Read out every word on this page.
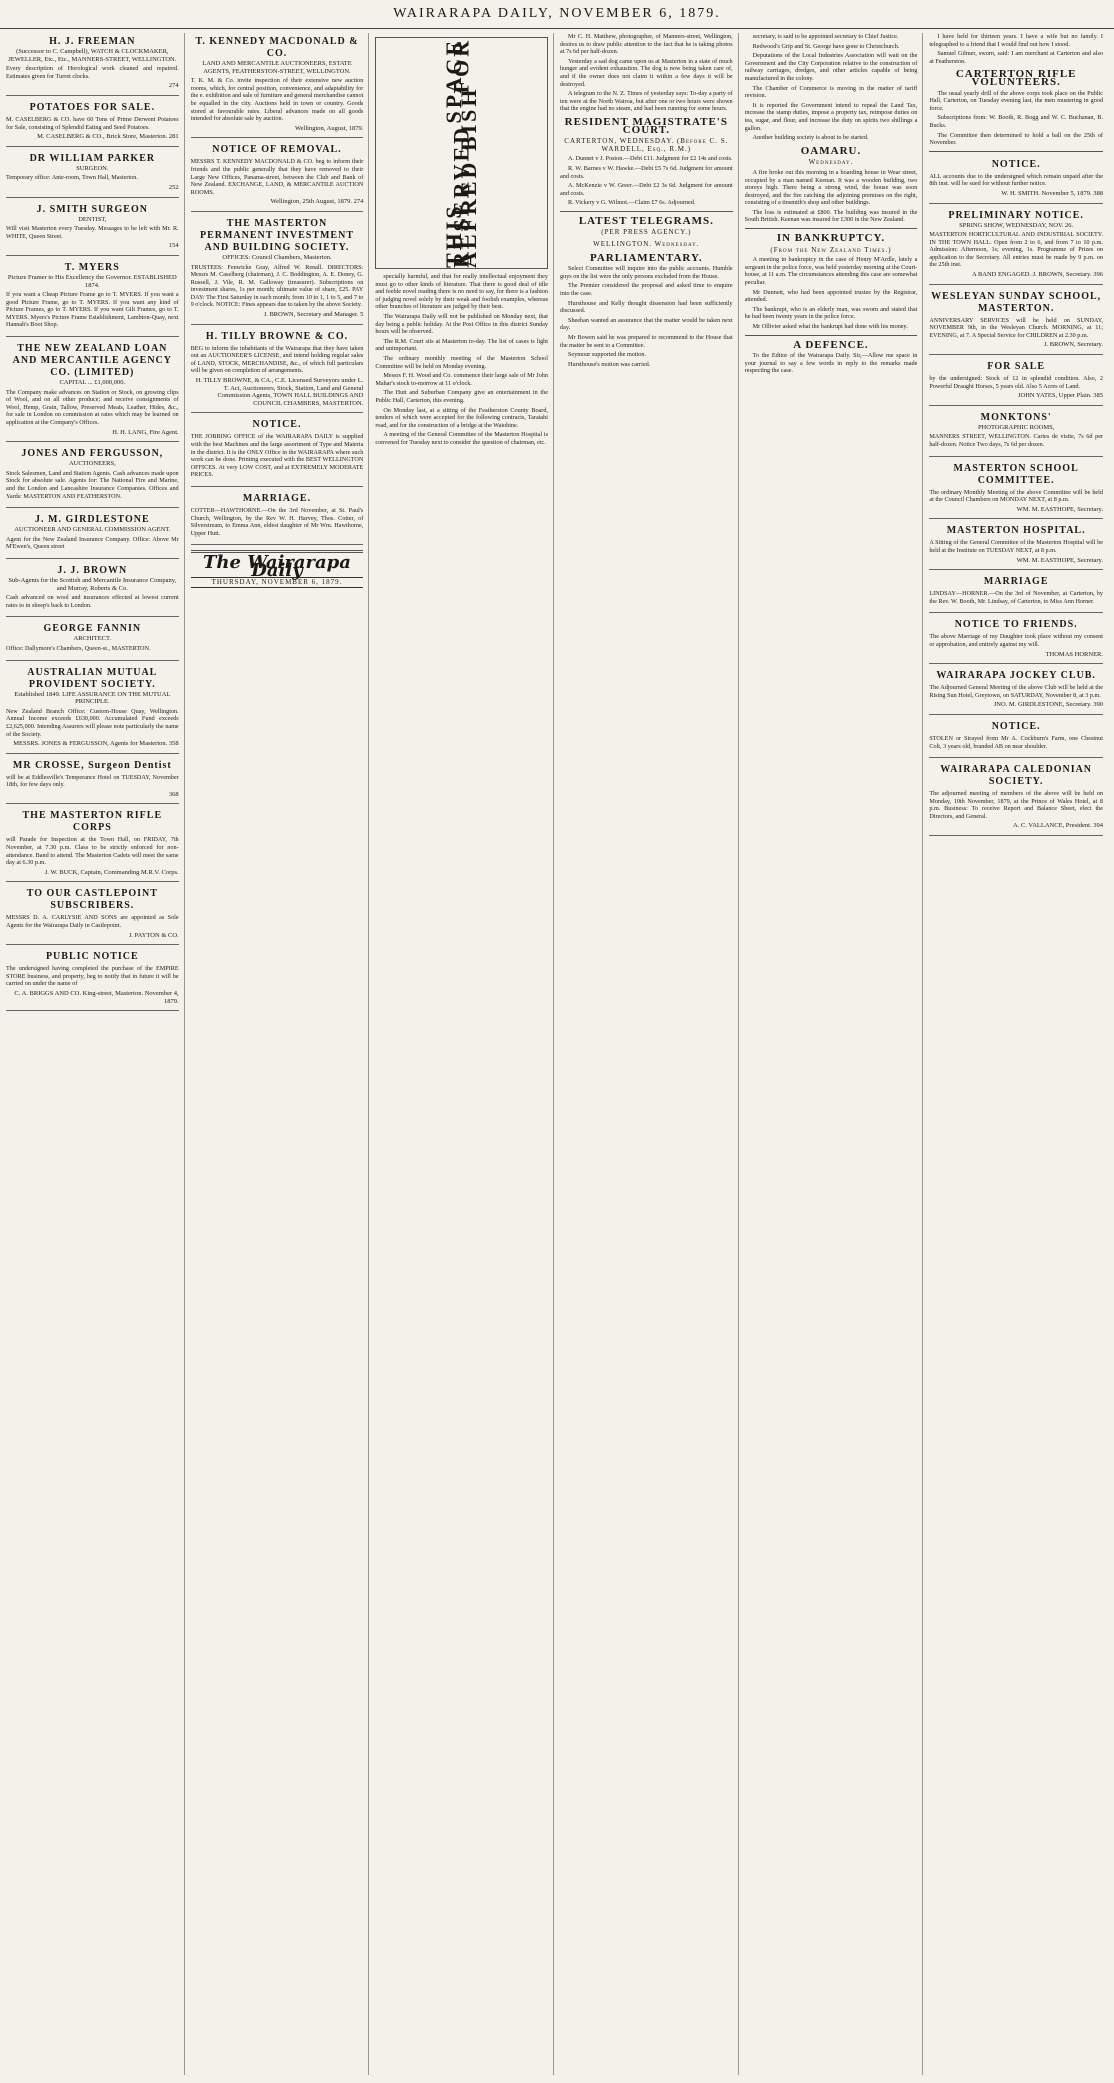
WAIRARAPA DAILY, NOVEMBER 6, 1879.
H. J. FREEMAN
(Successor to C. Campbell), WATCH & CLOCKMAKER, JEWELLER, Etc., Etc., MANNERS-STREET, WELLINGTON.
Every description of Horological work cleaned and repaired. Estimates given for Turret clocks.
274
POTATOES FOR SALE.
M. CASELBERG & CO. have 60 Tons of Prime Derwent Potatoes for Sale, consisting of Splendid Eating and Seed Potatoes.
M. CASELBERG & CO., Brick Store, Masterton. 281
DR WILLIAM PARKER
SURGEON.
Temporary office: Ante-room, Town Hall, Masterton.
252
J. SMITH SURGEON
DENTIST,
Will visit Masterton every Tuesday. Messages to be left with Mr. R. WHITE, Queen Street.
154
T. MYERS
Picture Framer to His Excellency the Governor. ESTABLISHED 1874.
If you want a Cheap Picture Frame go to T. MYERS. If you want a good Picture Frame, go to T. MYERS. If you want any kind of Picture Frames, go to T. MYERS. If you want Gilt Frames, go to T. MYERS. Myers's Picture Frame Establishment, Lambton-Quay, next Hannah's Boot Shop.
THE NEW ZEALAND LOAN AND MERCANTILE AGENCY CO. (LIMITED)
CAPITAL ... £1,000,000.
The Company make advances on Station or Stock, on growing clips of Wool, and on all other produce; and receive consignments of Wool, Hemp, Grain, Tallow, Preserved Meats, Leather, Hides, &c., for sale in London on commission at rates which may be learned on application at the Company's Offices.
H. H. LANG, Fire Agent.
JONES AND FERGUSSON,
AUCTIONEERS,
Stock Salesmen, Land and Station Agents. Cash advances made upon Stock for absolute sale. Agents for: The National Fire and Marine, and the London and Lancashire Insurance Companies. Offices and Yards: MASTERTON AND FEATHERSTON.
J. M. GIRDLESTONE
AUCTIONEER AND GENERAL COMMISSION AGENT.
Agent for the New Zealand Insurance Company. Office: Above Mr M'Ewen's, Queen street
J. J. BROWN
Sub-Agents for the Scottish and Mercantile Insurance Company, and Murray, Roberts & Co.
Cash advanced on wool and insurances effected at lowest current rates to in sheep's back to London.
GEORGE FANNIN
ARCHITECT.
Office: Dallymore's Chambers, Queen-st., MASTERTON.
AUSTRALIAN MUTUAL PROVIDENT SOCIETY.
Established 1849. LIFE ASSURANCE ON THE MUTUAL PRINCIPLE.
New Zealand Branch Office: Custom-House Quay, Wellington. Annual Income exceeds £630,000. Accumulated Fund exceeds £2,625,000. Intending Assurers will please note particularly the name of the Society.
MESSRS. JONES & FERGUSSON, Agents for Masterton. 358
MR CROSSE, Surgeon Dentist
will be at Eddlesville's Temperance Hotel on TUESDAY, November 18th, for few days only.
368
THE MASTERTON RIFLE CORPS
will Parade for Inspection at the Town Hall, on FRIDAY, 7th November, at 7.30 p.m. Class to be strictly enforced for non-attendance. Band to attend. The Masterton Cadets will meet the same day at 6.30 p.m.
J. W. BUCK, Captain, Commanding M.R.V. Corps.
TO OUR CASTLEPOINT SUBSCRIBERS.
MESSRS D. A. CARLYSIE AND SONS are appointed as Sole Agents for the Wairarapa Daily in Castlepoint.
J. PAYTON & CO.
PUBLIC NOTICE
The undersigned having completed the purchase of the EMPIRE STORE business, and property, beg to notify that in future it will be carried on under the name of
C. A. BRIGGS AND CO. King-street, Masterton. November 4, 1879.
T. KENNEDY MACDONALD & CO.
LAND AND MERCANTILE AUCTIONEERS, ESTATE AGENTS, FEATHERSTON-STREET, WELLINGTON.
T. K. M. & Co. invite inspection of their extensive new auction rooms, which, for central position, convenience, and adaptability for the e. exhibition and sale of furniture and general merchandise cannot be equalled in the city. Auctions held in town or country. Goods stored at favourable rates. Liberal advances made on all goods intended for absolute sale by auction.
Wellington, August, 1879.
NOTICE OF REMOVAL.
MESSRS T. KENNEDY MACDONALD & CO. beg to inform their friends and the public generally that they have removed to their Large New Offices, Panama-street, between the Club and Bank of New Zealand. EXCHANGE, LAND, & MERCANTILE AUCTION ROOMS.
Wellington, 25th August, 1879. 274
THE MASTERTON PERMANENT INVESTMENT AND BUILDING SOCIETY.
OFFICES: Council Chambers, Masterton.
TRUSTEES: Fenwicke Gray, Alfred W. Renall. DIRECTORS: Messrs M. Caselberg (chairman), J. C. Boddington, A. E. Doney, G. Russell, J. Vile, R. M. Galloway (treasurer). Subscriptions on investment shares, 1s per month; ultimate value of share, £25. PAY DAY: The First Saturday in each month; from 10 to 1, 1 to 5, and 7 to 9 o'clock. NOTICE: Fines appears due to taken by the above Society.
J. BROWN, Secretary and Manager. 5
H. TILLY BROWNE & CO.
BEG to inform the inhabitants of the Wairarapa that they have taken out an AUCTIONEER'S LICENSE, and intend holding regular sales of LAND, STOCK, MERCHANDISE, &c., of which full particulars will be given on completion of arrangements.
H. TILLY BROWNE, & CA., C.E. Licensed Surveyors under L. T. Act, Auctioneers, Stock, Station, Land and General Commission Agents, TOWN HALL BUILDINGS AND COUNCIL CHAMBERS, MASTERTON.
NOTICE.
THE JOBBING OFFICE of the WAIRARAPA DAILY is supplied with the best Machines and the large assortment of Type and Materia in the district. It is the ONLY Office in the WAIRARAPA where such work can be done. Printing executed with the BEST WELLINGTON OFFICES. At very LOW COST, and at EXTREMELY MODERATE PRICES.
MARRIAGE.
COTTER—HAWTHORNE.—On the 3rd November, at St. Paul's Church, Wellington, by the Rev W. H. Harvey, Thos. Cotter, of Silverstream, to Emma Ann, eldest daughter of Mr Wm. Hawthorne, Upper Hutt.
The Wairarapa Daily
THURSDAY, NOVEMBER 6, 1879.
THIS SPACE RESERVED FOR ALFRED BISH

specially harmful, and that for really intellectual enjoyment they must go to other kinds of literature. That there is good deal of idle and feeble novel reading there is no need to say, for there is a fashion of judging novel solely by their weak and foolish examples, whereas other branches of literature are judged by their best.

The Wairarapa Daily will not be published on Monday next, that day being a public holiday. At the Post Office in this district Sunday hours will be observed.

The R.M. Court sits at Masterton to-day. The list of cases is light and unimportant.

The ordinary monthly meeting of the Masterton School Committee will be held on Monday evening.

Messrs F. H. Wood and Co. commence their large sale of Mr John Mahar's stock to-morrow at 11 o'clock.

The Hutt and Suburban Company give an entertainment in the Public Hall, Carterton, this evening.

On Monday last, at a sitting of the Featherston County Board, tenders of which were accepted for the following contracts, Taratahi road, and for the construction of a bridge at the Waiohine.

A meeting of the General Committee of the Masterton Hospital is convened for Tuesday next to consider the question of chairman, etc.

Mr C. H. Matthew, photographer, of Manners-street, Wellington, desires us to draw public attention to the fact that he is taking photos at 7s 6d per half-dozen.

Yesterday a sad dog came upon us at Masterton in a state of much hunger and evident exhaustion. The dog is now being taken care of, and if the owner does not claim it within a few days it will be destroyed.

A telegram to the N. Z. Times of yesterday says: To-day a party of ten were at the North Wairoa, but after one or two hours were shown that the engine had no steam, and had been running for some hours.

RESIDENT MAGISTRATE'S COURT.
CARTERTON, WEDNESDAY. (Before C. S. WARDELL, Esq., R.M.)

A. Dunnet v J. Poston.—Debt £11. Judgment for £2 14s and costs.

R. W. Barnes v W. Hawke.—Debt £5 7s 6d. Judgment for amount and costs.

A. McKenzie v W. Greer.—Debt £2 3s 6d. Judgment for amount and costs.

R. Vickery v G. Wilmot.—Claim £7 6s. Adjourned.

LATEST TELEGRAMS.
(PER PRESS AGENCY.)
WELLINGTON. Wednesday.
PARLIAMENTARY.

Select Committee will inquire into the public accounts. Humble guys on the list were the only persons excluded from the House.

The Premier considered the proposal and asked time to enquire into the case.

Hursthouse and Kelly thought dissension had been sufficiently discussed.

Sheehan wanted an assurance that the matter would be taken next day.

Mr Bowen said he was prepared to recommend to the House that the matter be sent to a Committee.

Seymour supported the motion.

Hursthouse's motion was carried.

secretary, is said to be appointed secretary to Chief Justice.

Redwood's Grip and St. George have gone to Christchurch.

Deputations of the Local Industries Association will wait on the Government and the City Corporation relative to the construction of railway carriages, dredges, and other articles capable of being manufactured in the colony.

The Chamber of Commerce is moving in the matter of tariff revision.

It is reported the Government intend to repeal the Land Tax, increase the stamp duties, impose a property tax, reimpose duties on tea, sugar, and flour, and increase the duty on spirits two shillings a gallon.

Another building society is about to be started.

OAMARU.
Wednesday.

A fire broke out this morning in a boarding house in Wear street, occupied by a man named Keenan. It was a wooden building, two storeys high. There being a strong wind, the house was soon destroyed, and the fire catching the adjoining premises on the right, consisting of a tinsmith's shop and other buildings.

The loss is estimated at £800. The building was insured in the South British. Keenan was insured for £300 in the New Zealand.

IN BANKRUPTCY.
(From the New Zealand Times.)

A meeting in bankruptcy in the case of Henry M'Ardle, lately a sergeant in the police force, was held yesterday morning at the Court-house, at 11 a.m. The circumstances attending this case are somewhat peculiar.

Mr Dunnett, who had been appointed trustee by the Registrar, attended.

The bankrupt, who is an elderly man, was sworn and stated that he had been twenty years in the police force.

Mr Ollivier asked what the bankrupt had done with his money.

A DEFENCE.

To the Editor of the Wairarapa Daily. Sir,—Allow me space in your journal to say a few words in reply to the remarks made respecting the case.

I have held for thirteen years. I have a wife but no family. I telegraphed to a friend that I would find out how I stood.

Samuel Gilmer, sworn, said: I am merchant at Carterton and also at Featherston.

CARTERTON RIFLE VOLUNTEERS.

The usual yearly drill of the above corps took place on the Public Hall, Carterton, on Tuesday evening last, the men mustering in good force.

Subscriptions from: W. Booth, R. Bogg and W. C. Buchanan, B. Bucks.

The Committee then determined to hold a ball on the 25th of November.

NOTICE.
ALL accounts due to the undersigned which remain unpaid after the 8th inst. will be sued for without further notice.
W. H. SMITH. November 5, 1879. 388
PRELIMINARY NOTICE.
SPRING SHOW, WEDNESDAY, NOV. 26.
MASTERTON HORTICULTURAL AND INDUSTRIAL SOCIETY. IN THE TOWN HALL. Open from 2 to 6, and from 7 to 10 p.m. Admission: Afternoon, 1s; evening, 1s. Programme of Prizes on application to the Secretary. All entries must be made by 9 p.m. on the 25th inst.
A BAND ENGAGED. J. BROWN, Secretary. 396
WESLEYAN SUNDAY SCHOOL, MASTERTON.
ANNIVERSARY SERVICES will be held on SUNDAY, NOVEMBER 9th, in the Wesleyan Church. MORNING, at 11; EVENING, at 7. A Special Service for CHILDREN at 2.30 p.m.
J. BROWN, Secretary.
FOR SALE
by the undersigned: Stock of 12 in splendid condition. Also, 2 Powerful Draught Horses, 5 years old. Also 5 Acres of Land.
JOHN YATES, Upper Plain. 385
MONKTONS'
PHOTOGRAPHIC ROOMS,
MANNERS STREET, WELLINGTON. Cartes de visite, 7s 6d per half-dozen. Notice Two days, 7s 6d per dozen.
MASTERTON SCHOOL COMMITTEE.
The ordinary Monthly Meeting of the above Committee will be held at the Council Chambers on MONDAY NEXT, at 8 p.m.
WM. M. EASTHOPE, Secretary.
MASTERTON HOSPITAL.
A Sitting of the General Committee of the Masterton Hospital will be held at the Institute on TUESDAY NEXT, at 8 p.m.
WM. M. EASTHOPE, Secretary.
MARRIAGE
LINDSAY—HORNER.—On the 3rd of November, at Carterton, by the Rev. W. Booth, Mr. Lindsay, of Carterton, to Miss Ann Horner.
NOTICE TO FRIENDS.
The above Marriage of my Daughter took place without my consent or approbation, and entirely against my will.
THOMAS HORNER.
WAIRARAPA JOCKEY CLUB.
The Adjourned General Meeting of the above Club will be held at the Rising Sun Hotel, Greytown, on SATURDAY, November 8, at 3 p.m.
JNO. M. GIRDLESTONE, Secretary. 390
NOTICE.
STOLEN or Strayed from Mr A. Cockburn's Farm, one Chestnut Colt, 3 years old, branded AB on near shoulder.
WAIRARAPA CALEDONIAN SOCIETY.
The adjourned meeting of members of the above will be held on Monday, 10th November, 1879, at the Prince of Wales Hotel, at 8 p.m. Business: To receive Report and Balance Sheet, elect the Directors, and General.
A. C. VALLANCE, President. 394
